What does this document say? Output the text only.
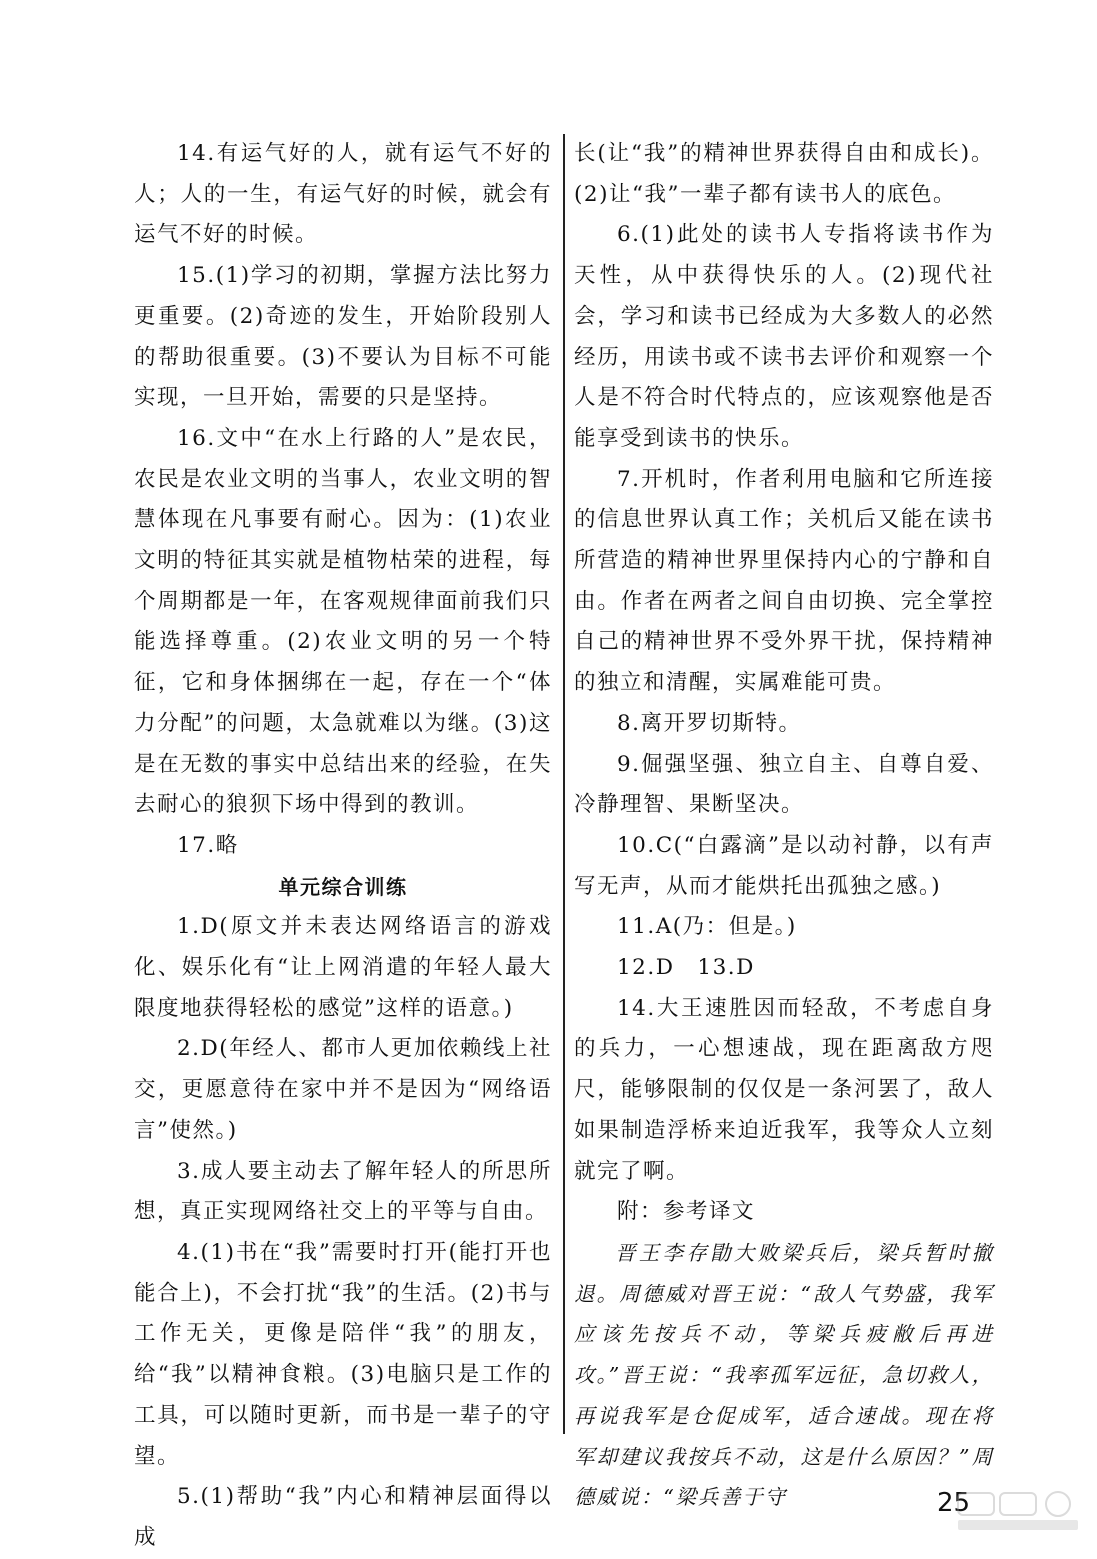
14.有运气好的人，就有运气不好的人；人的一生，有运气好的时候，就会有运气不好的时候。

15.(1)学习的初期，掌握方法比努力更重要。(2)奇迹的发生，开始阶段别人的帮助很重要。(3)不要认为目标不可能实现，一旦开始，需要的只是坚持。

16.文中“在水上行路的人”是农民，农民是农业文明的当事人，农业文明的智慧体现在凡事要有耐心。因为：(1)农业文明的特征其实就是植物枯荣的进程，每个周期都是一年，在客观规律面前我们只能选择尊重。(2)农业文明的另一个特征，它和身体捆绑在一起，存在一个“体力分配”的问题，太急就难以为继。(3)这是在无数的事实中总结出来的经验，在失去耐心的狼狈下场中得到的教训。

17.略

单元综合训练

1.D(原文并未表达网络语言的游戏化、娱乐化有“让上网消遣的年轻人最大限度地获得轻松的感觉”这样的语意。)

2.D(年经人、都市人更加依赖线上社交，更愿意待在家中并不是因为“网络语言”使然。)

3.成人要主动去了解年轻人的所思所想，真正实现网络社交上的平等与自由。

4.(1)书在“我”需要时打开(能打开也能合上)，不会打扰“我”的生活。(2)书与工作无关，更像是陪伴“我”的朋友，给“我”以精神食粮。(3)电脑只是工作的工具，可以随时更新，而书是一辈子的守望。

5.(1)帮助“我”内心和精神层面得以成

长(让“我”的精神世界获得自由和成长)。(2)让“我”一辈子都有读书人的底色。

6.(1)此处的读书人专指将读书作为天性，从中获得快乐的人。(2)现代社会，学习和读书已经成为大多数人的必然经历，用读书或不读书去评价和观察一个人是不符合时代特点的，应该观察他是否能享受到读书的快乐。

7.开机时，作者利用电脑和它所连接的信息世界认真工作；关机后又能在读书所营造的精神世界里保持内心的宁静和自由。作者在两者之间自由切换、完全掌控自己的精神世界不受外界干扰，保持精神的独立和清醒，实属难能可贵。

8.离开罗切斯特。

9.倔强坚强、独立自主、自尊自爱、冷静理智、果断坚决。

10.C(“白露滴”是以动衬静，以有声写无声，从而才能烘托出孤独之感。)

11.A(乃：但是。)

12.D　13.D

14.大王速胜因而轻敌，不考虑自身的兵力，一心想速战，现在距离敌方咫尺，能够限制的仅仅是一条河罢了，敌人如果制造浮桥来迫近我军，我等众人立刻就完了啊。

附：参考译文

晋王李存勖大败梁兵后，梁兵暂时撤退。周德威对晋王说：“敌人气势盛，我军应该先按兵不动，等梁兵疲敝后再进攻。”晋王说：“我率孤军远征，急切救人，再说我军是仓促成军，适合速战。现在将军却建议我按兵不动，这是什么原因？”周德威说：“梁兵善于守	25
